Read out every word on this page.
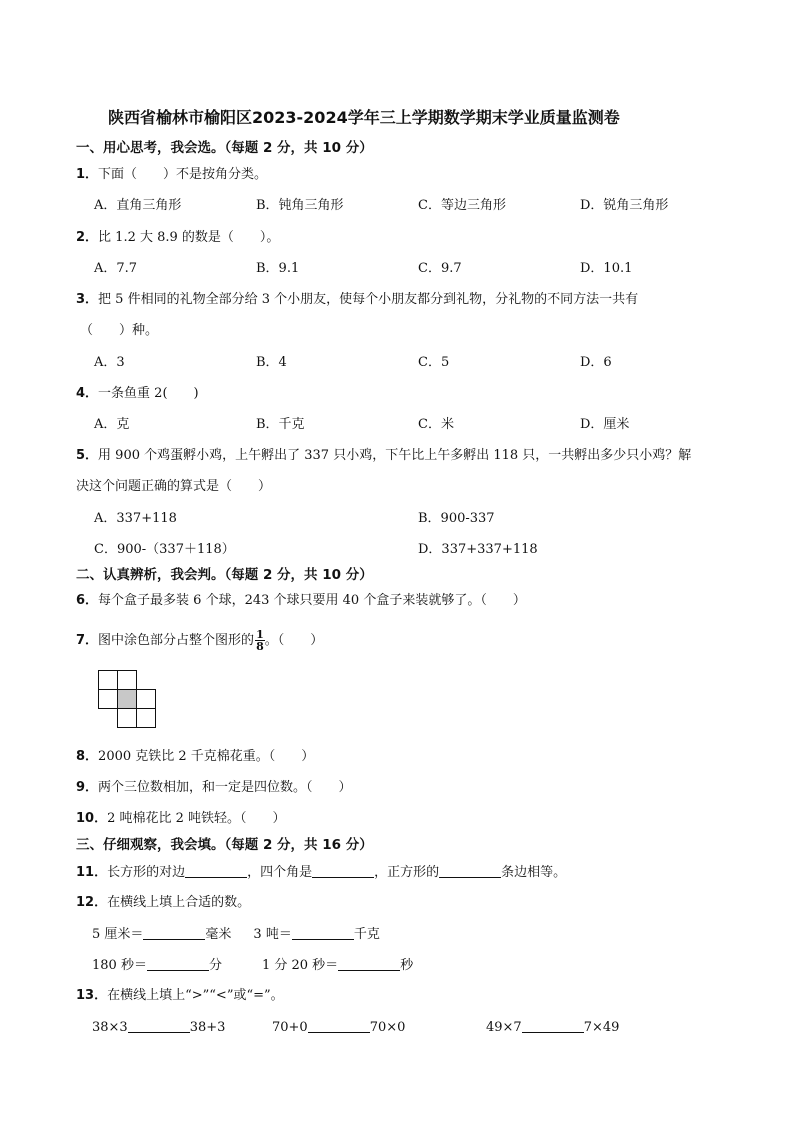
陕西省榆林市榆阳区2023-2024学年三上学期数学期末学业质量监测卷
一、用心思考，我会选。（每题 2 分，共 10 分）
1．下面（　　）不是按角分类。
A．直角三角形	B．钝角三角形	C．等边三角形	D．锐角三角形
2．比 1.2 大 8.9 的数是（　　）。
A．7.7	B．9.1	C．9.7	D．10.1
3．把 5 件相同的礼物全部分给 3 个小朋友，使每个小朋友都分到礼物，分礼物的不同方法一共有
（　　）种。
A．3	B．4	C．5	D．6
4．一条鱼重 2(　　)
A．克	B．千克	C．米	D．厘米
5．用 900 个鸡蛋孵小鸡，上午孵出了 337 只小鸡，下午比上午多孵出 118 只，一共孵出多少只小鸡？解
决这个问题正确的算式是（　　）
A．337+118	B．900-337
C．900-（337＋118）	D．337+337+118
二、认真辨析，我会判。（每题 2 分，共 10 分）
6．每个盒子最多装 6 个球，243 个球只要用 40 个盒子来装就够了。（　　）
7．图中涂色部分占整个图形的 $\frac{1}{8}$ 。（　　）
8．2000 克铁比 2 千克棉花重。（　　）
9．两个三位数相加，和一定是四位数。（　　）
10．2 吨棉花比 2 吨铁轻。（　　）
三、仔细观察，我会填。（每题 2 分，共 16 分）
11．长方形的对边	，四个角是	，正方形的	条边相等。
12．在横线上填上合适的数。
5 厘米＝	毫米 3 吨＝	千克
180 秒＝	分	1 分 20 秒＝	秒
13．在横线上填上“>”“<”或“=”。
38×3	38+3	70+0	70×0	49×7	7×49
